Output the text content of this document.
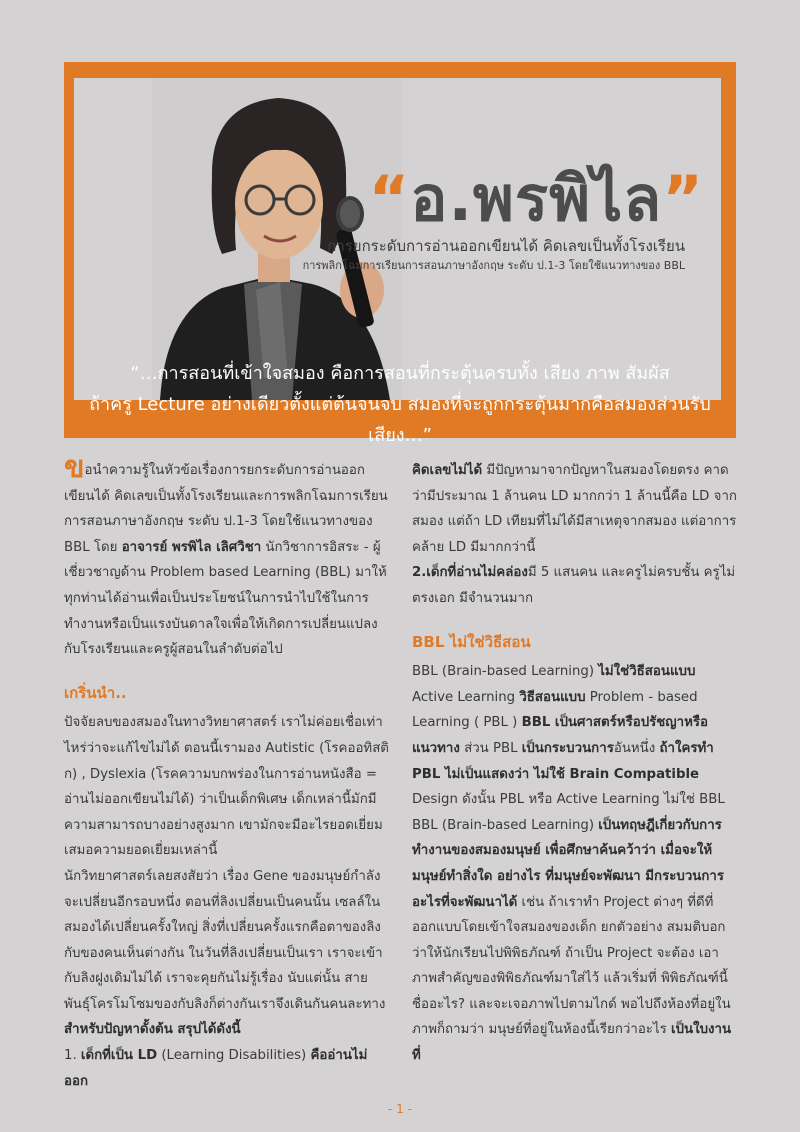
“อ.พรพิไล”
การยกระดับการอ่านออกเขียนได้ คิดเลขเป็นทั้งโรงเรียน
การพลิกโฉมการเรียนการสอนภาษาอังกฤษ ระดับ ป.1-3 โดยใช้แนวทางของ BBL
“…การสอนที่เข้าใจสมอง คือการสอนที่กระตุ้นครบทั้ง เสียง ภาพ สัมผัส
ถ้าครู Lecture อย่างเดียวตั้งแต่ต้นจนจบ สมองที่จะถูกกระตุ้นมากคือสมองส่วนรับเสียง…”

ขอนำความรู้ในหัวข้อเรื่องการยกระดับการอ่านออกเขียนได้ คิดเลขเป็นทั้งโรงเรียนและการพลิกโฉมการเรียนการสอนภาษาอังกฤษ ระดับ ป.1-3 โดยใช้แนวทางของ BBL โดย อาจารย์ พรพิไล เลิศวิชา นักวิชาการอิสระ - ผู้เชี่ยวชาญด้าน Problem based Learning (BBL) มาให้ทุกท่านได้อ่านเพื่อเป็นประโยชน์ในการนำไปใช้ในการทำงานหรือเป็นแรงบันดาลใจเพื่อให้เกิดการเปลี่ยนแปลงกับโรงเรียนและครูผู้สอนในลำดับต่อไป

เกริ่นนำ..

ปัจจัยลบของสมองในทางวิทยาศาสตร์ เราไม่ค่อยเชื่อเท่าไหร่ว่าจะแก้ไขไม่ได้ ตอนนี้เรามอง Autistic (โรคออทิสติก) , Dyslexia (โรคความบกพร่องในการอ่านหนังสือ = อ่านไม่ออกเขียนไม่ได้) ว่าเป็นเด็กพิเศษ เด็กเหล่านี้มักมีความสามารถบางอย่างสูงมาก เขามักจะมีอะไรยอดเยี่ยมเสมอความยอดเยี่ยมเหล่านี้

นักวิทยาศาสตร์เลยสงสัยว่า เรื่อง Gene ของมนุษย์กำลังจะเปลี่ยนอีกรอบหนึ่ง ตอนที่ลิงเปลี่ยนเป็นคนนั้น เซลล์ในสมองได้เปลี่ยนครั้งใหญ่ สิ่งที่เปลี่ยนครั้งแรกคือตาของลิงกับของคนเห็นต่างกัน ในวันที่ลิงเปลี่ยนเป็นเรา เราจะเข้ากับลิงฝูงเดิมไม่ได้ เราจะคุยกันไม่รู้เรื่อง นับแต่นั้น สายพันธุ์โครโมโซมของกับลิงก็ต่างกันเราจึงเดินกันคนละทาง

สำหรับปัญหาดั้งต้น สรุปได้ดังนี้

1. เด็กที่เป็น LD (Learning Disabilities) คืออ่านไม่ออก

คิดเลขไม่ได้ มีปัญหามาจากปัญหาในสมองโดยตรง คาดว่ามีประมาณ 1 ล้านคน LD มากกว่า 1 ล้านนี้คือ LD จากสมอง แต่ถ้า LD เทียมที่ไม่ได้มีสาเหตุจากสมอง แต่อาการคล้าย LD มีมากกว่านี้

2.เด็กที่อ่านไม่คล่องมี 5 แสนคน และครูไม่ครบชั้น ครูไม่ตรงเอก มีจำนวนมาก

BBL ไม่ใช่วิธีสอน

BBL (Brain-based Learning) ไม่ใช่วิธีสอนแบบ Active Learning วิธีสอนแบบ Problem - based Learning ( PBL ) BBL เป็นศาสตร์หรือปรัชญาหรือแนวทาง ส่วน PBL เป็นกระบวนการอันหนึ่ง ถ้าใครทำ PBL ไม่เป็นแสดงว่า ไม่ใช้ Brain Compatible Design ดังนั้น PBL หรือ Active Learning ไม่ใช่ BBL

BBL (Brain-based Learning) เป็นทฤษฎีเกี่ยวกับการทำงานของสมองมนุษย์ เพื่อศึกษาค้นคว้าว่า เมื่อจะให้มนุษย์ทำสิ่งใด อย่างไร ที่มนุษย์จะพัฒนา มีกระบวนการอะไรที่จะพัฒนาได้ เช่น ถ้าเราทำ Project ต่างๆ ที่ดีที่ออกแบบโดยเข้าใจสมองของเด็ก ยกตัวอย่าง สมมติบอกว่าให้นักเรียนไปพิพิธภัณฑ์ ถ้าเป็น Project จะต้อง เอาภาพสำคัญของพิพิธภัณฑ์มาใส่ไว้ แล้วเริ่มที่ พิพิธภัณฑ์นี้ชื่ออะไร? และจะเจอภาพไปตามไกด์ พอไปถึงห้องที่อยู่ในภาพก็ถามว่า มนุษย์ที่อยู่ในห้องนี้เรียกว่าอะไร เป็นใบงานที่

- 1 -
